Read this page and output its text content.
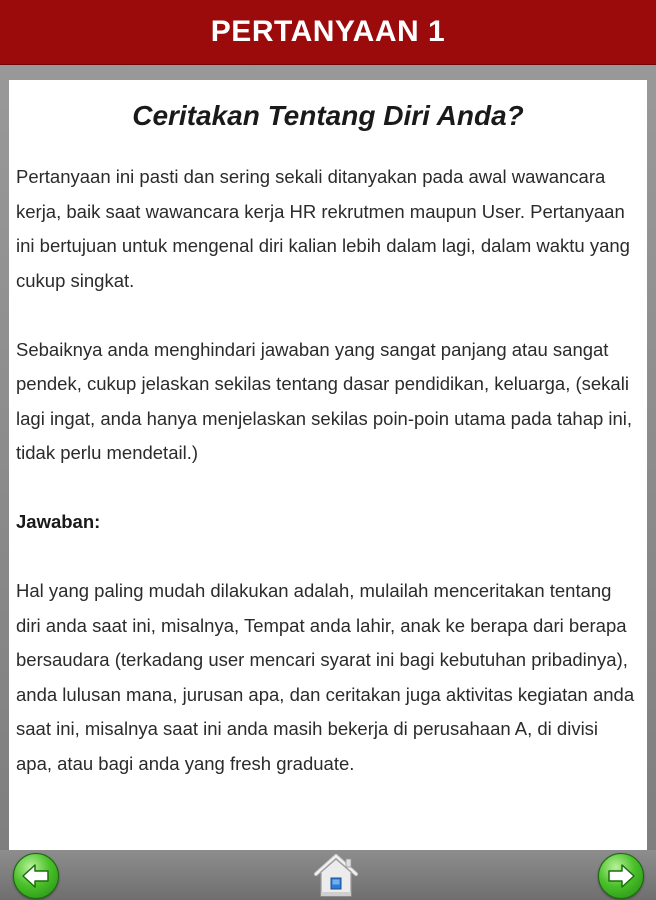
PERTANYAAN 1
Ceritakan Tentang Diri Anda?

Pertanyaan ini pasti dan sering sekali ditanyakan pada awal wawancara kerja, baik saat wawancara kerja HR rekrutmen maupun User. Pertanyaan ini bertujuan untuk mengenal diri kalian lebih dalam lagi, dalam waktu yang cukup singkat.

Sebaiknya anda menghindari jawaban yang sangat panjang atau sangat pendek, cukup jelaskan sekilas tentang dasar pendidikan, keluarga, (sekali lagi ingat, anda hanya menjelaskan sekilas poin-poin utama pada tahap ini, tidak perlu mendetail.)

Jawaban:

Hal yang paling mudah dilakukan adalah, mulailah menceritakan tentang diri anda saat ini, misalnya, Tempat anda lahir, anak ke berapa dari berapa bersaudara (terkadang user mencari syarat ini bagi kebutuhan pribadinya), anda lulusan mana, jurusan apa, dan ceritakan juga aktivitas kegiatan anda saat ini, misalnya saat ini anda masih bekerja di perusahaan A, di divisi apa, atau bagi anda yang fresh graduate.
